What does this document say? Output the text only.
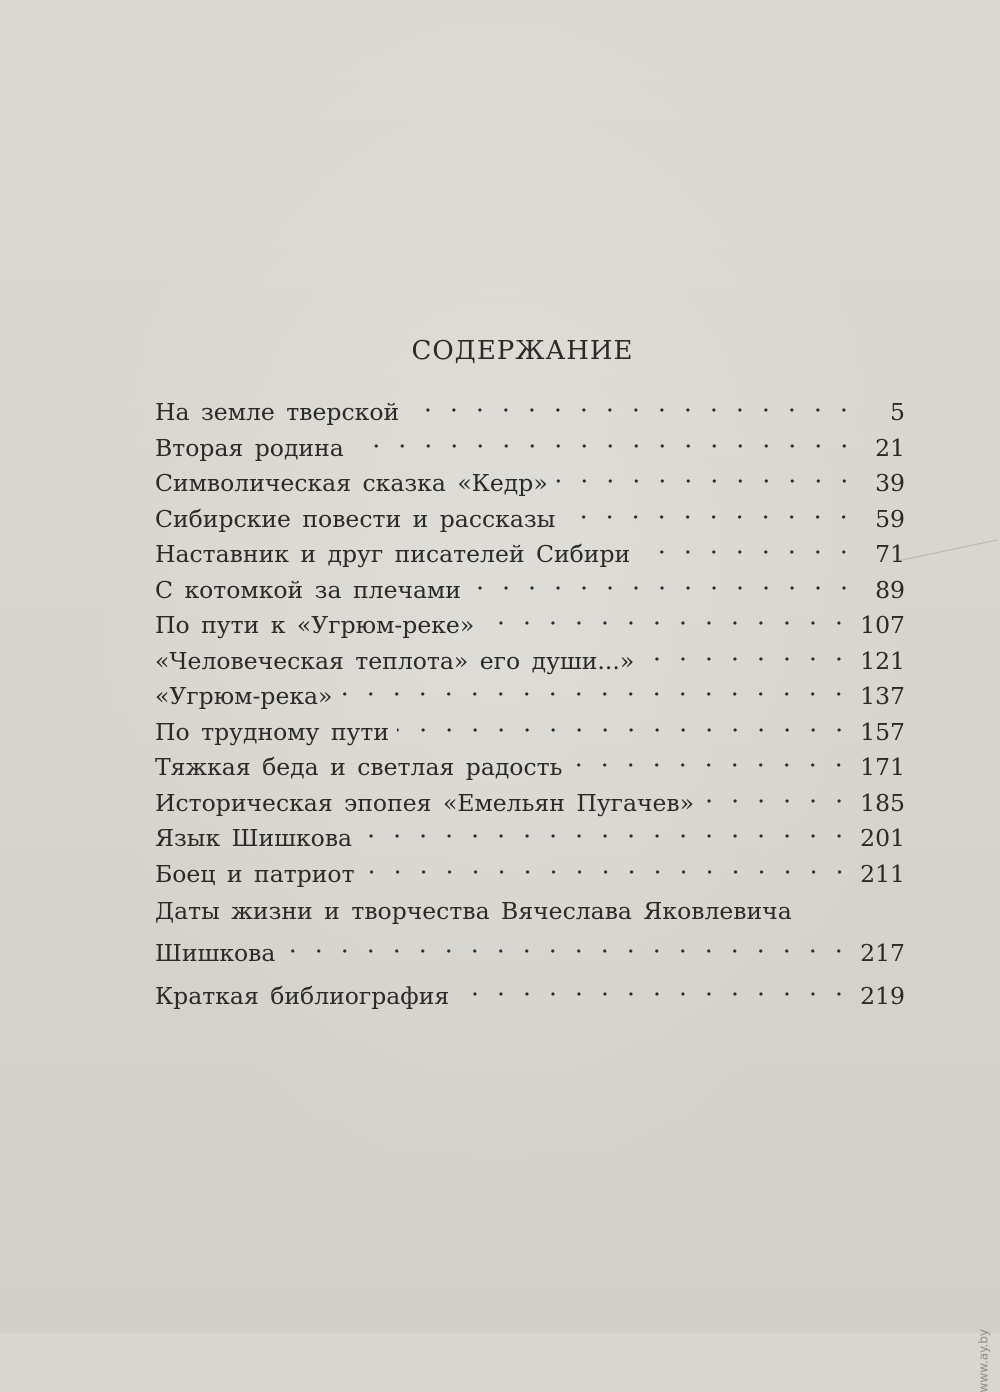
СОДЕРЖАНИЕ
На земле тверской	5
Вторая родина	21
Символическая сказка «Кедр»	39
Сибирские повести и рассказы	59
Наставник и друг писателей Сибири	71
С котомкой за плечами	89
По пути к «Угрюм-реке»	107
«Человеческая теплота» его души...»	121
«Угрюм-река»	137
По трудному пути	157
Тяжкая беда и светлая радость	171
Историческая эпопея «Емельян Пугачев»	185
Язык Шишкова	201
Боец и патриот	211
Даты жизни и творчества Вячеслава Яковлевича
Шишкова	217
Краткая библиография	219
www.ay.by
